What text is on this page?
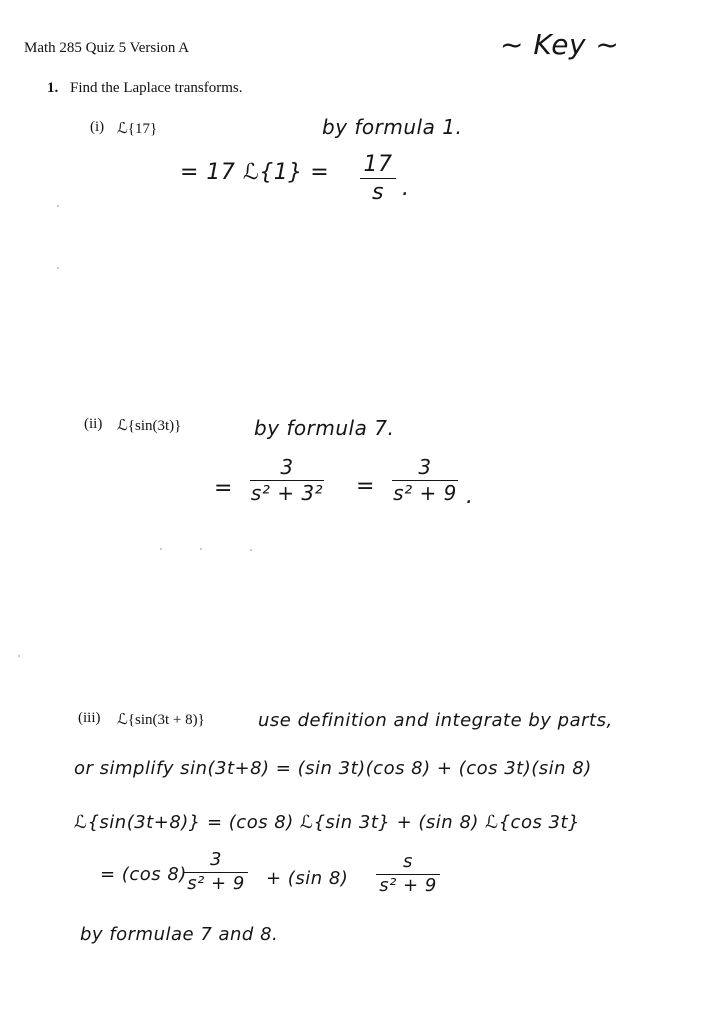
Math 285 Quiz 5 Version A	~ Key ~
1. Find the Laplace transforms.
(i) ℒ{17}	by formula 1.
= 17 ℒ{1} = 17
s .
(ii) ℒ{sin(3t)}	by formula 7.
=
3
s² + 3² =
3
s² + 9 .
(iii) ℒ{sin(3t + 8)}	use definition and integrate by parts,
or simplify sin(3t+8) = (sin 3t)(cos 8) + (cos 3t)(sin 8)
ℒ{sin(3t+8)} = (cos 8) ℒ{sin 3t} + (sin 8) ℒ{cos 3t}
= (cos 8)
3
s² + 9 + (sin 8)
s
s² + 9
by formulae 7 and 8.
